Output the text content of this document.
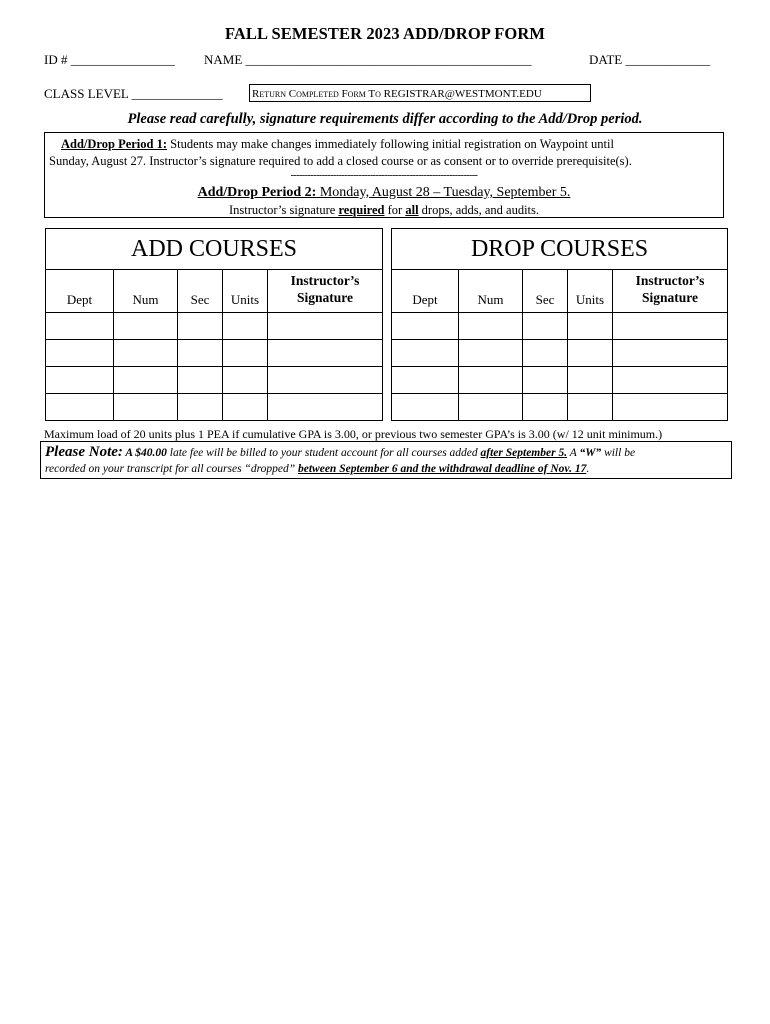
FALL SEMESTER 2023 ADD/DROP FORM
ID # ________________ NAME ____________________________________________	DATE _____________
CLASS LEVEL ______________	Return Completed Form To REGISTRAR@WESTMONT.EDU
Please read carefully, signature requirements differ according to the Add/Drop period.
Add/Drop Period 1: Students may make changes immediately following initial registration on Waypoint until
Sunday, August 27. Instructor’s signature required to add a closed course or as consent or to override prerequisite(s).
------------------------------------------------------------------
Add/Drop Period 2: Monday, August 28 – Tuesday, September 5.
Instructor’s signature required for all drops, adds, and audits.
ADD COURSES				
Dept	Num	Sec	Units	Instructor’s
Signature

DROP COURSES				
Dept	Num	Sec	Units	Instructor’s
Signature

Maximum load of 20 units plus 1 PEA if cumulative GPA is 3.00, or previous two semester GPA’s is 3.00 (w/ 12 unit minimum.)
Please Note: A $40.00 late fee will be billed to your student account for all courses added after September 5. A “W” will be
recorded on your transcript for all courses “dropped” between September 6 and the withdrawal deadline of Nov. 17.
